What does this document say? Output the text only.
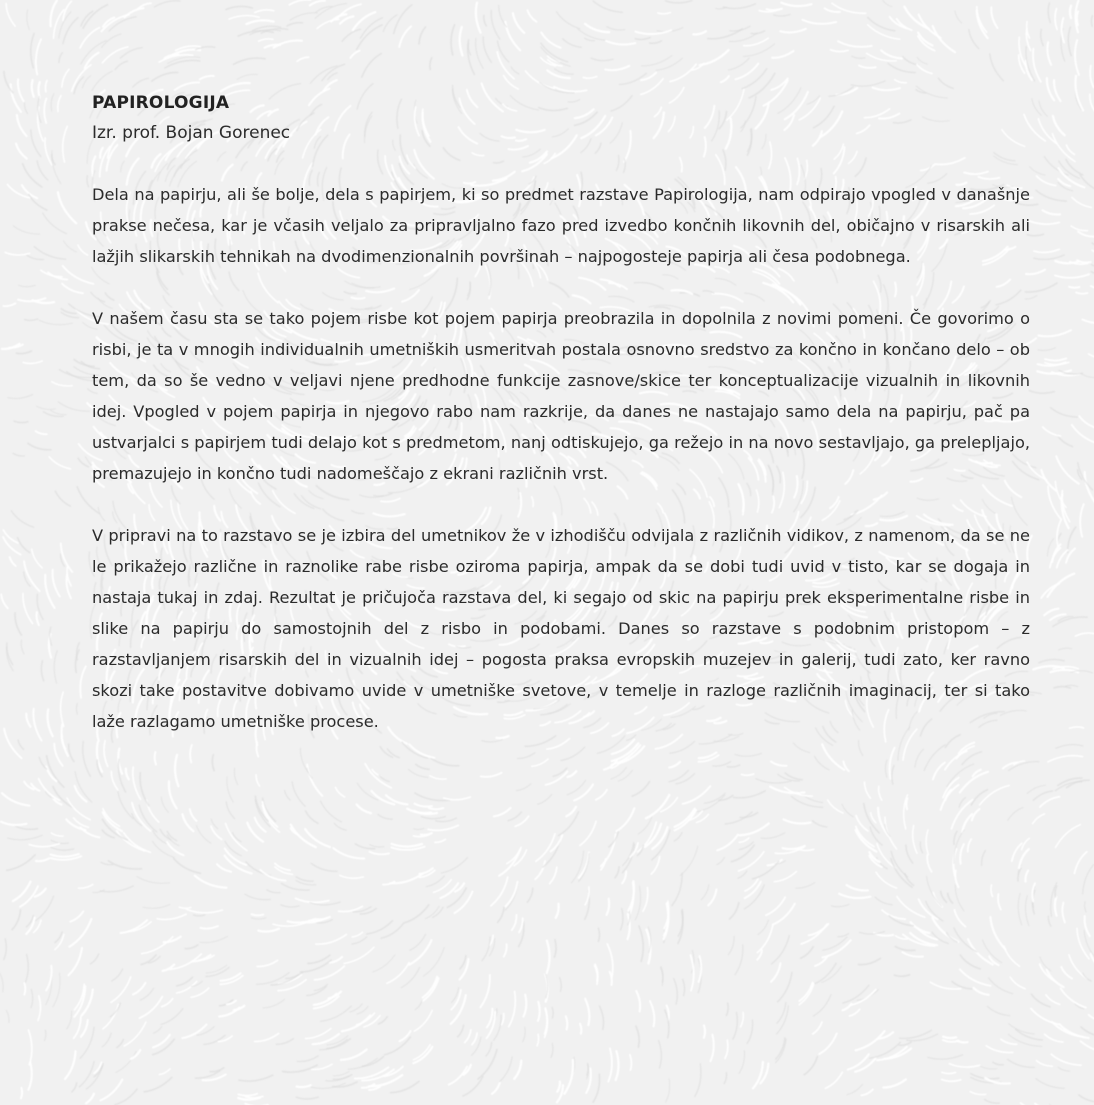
PAPIROLOGIJA

Izr. prof. Bojan Gorenec

Dela na papirju, ali še bolje, dela s papirjem, ki so predmet razstave Papirologija, nam odpirajo vpogled v današnje prakse nečesa, kar je včasih veljalo za pripravljalno fazo pred izvedbo končnih likovnih del, običajno v risarskih ali lažjih slikarskih tehnikah na dvodimenzionalnih površinah – najpogosteje papirja ali česa podobnega.

V našem času sta se tako pojem risbe kot pojem papirja preobrazila in dopolnila z novimi pomeni. Če govorimo o risbi, je ta v mnogih individualnih umetniških usmeritvah postala osnovno sredstvo za končno in končano delo – ob tem, da so še vedno v veljavi njene predhodne funkcije zasnove/skice ter konceptualizacije vizualnih in likovnih idej. Vpogled v pojem papirja in njegovo rabo nam razkrije, da danes ne nastajajo samo dela na papirju, pač pa ustvarjalci s papirjem tudi delajo kot s predmetom, nanj odtiskujejo, ga režejo in na novo sestavljajo, ga prelepljajo, premazujejo in končno tudi nadomeščajo z ekrani različnih vrst.

V pripravi na to razstavo se je izbira del umetnikov že v izhodišču odvijala z različnih vidikov, z namenom, da se ne le prikažejo različne in raznolike rabe risbe oziroma papirja, ampak da se dobi tudi uvid v tisto, kar se dogaja in nastaja tukaj in zdaj. Rezultat je pričujoča razstava del, ki segajo od skic na papirju prek eksperimentalne risbe in slike na papirju do samostojnih del z risbo in podobami. Danes so razstave s podobnim pristopom – z razstavljanjem risarskih del in vizualnih idej – pogosta praksa evropskih muzejev in galerij, tudi zato, ker ravno skozi take postavitve dobivamo uvide v umetniške svetove, v temelje in razloge različnih imaginacij, ter si tako laže razlagamo umetniške procese.
